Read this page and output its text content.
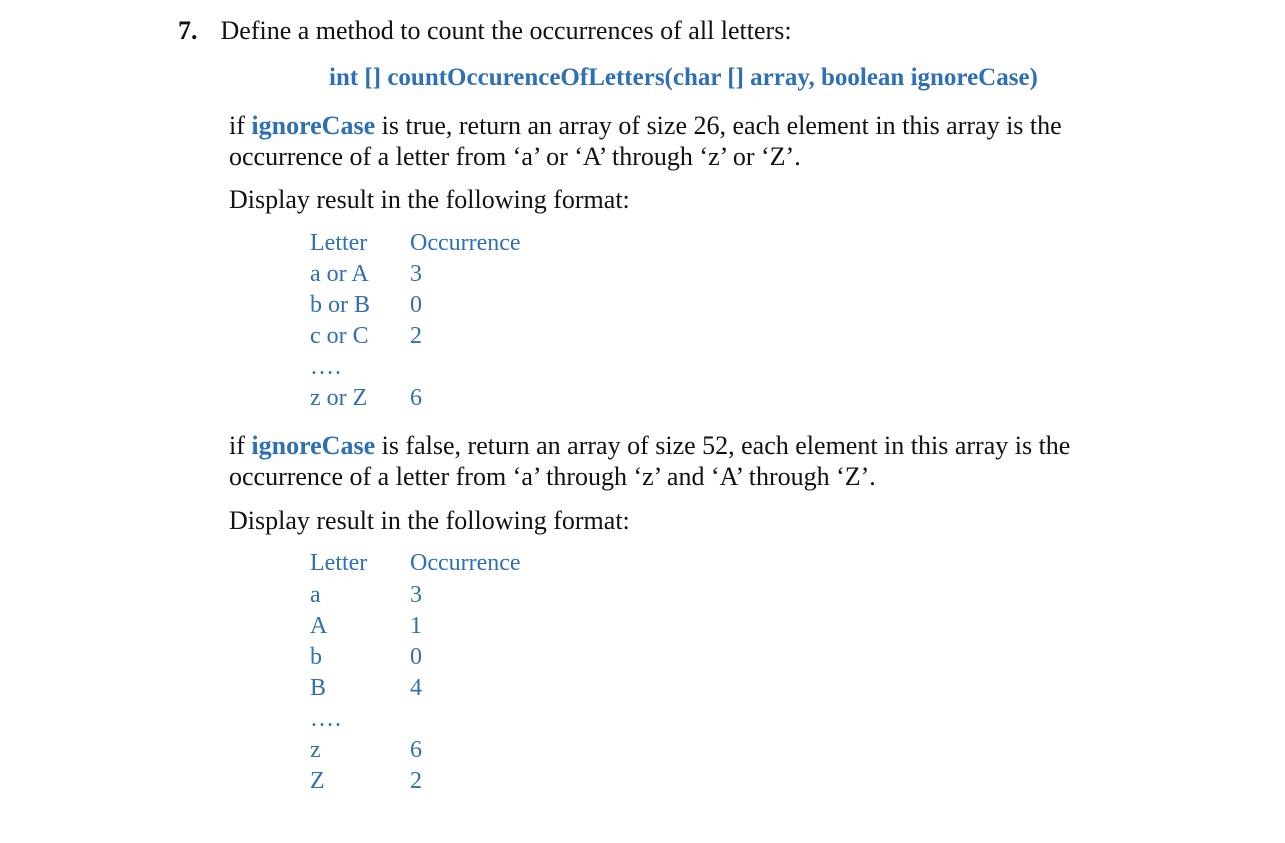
7. Define a method to count the occurrences of all letters:
int [] countOccurenceOfLetters(char [] array, boolean ignoreCase)
if ignoreCase is true, return an array of size 26, each element in this array is the
occurrence of a letter from ‘a’ or ‘A’ through ‘z’ or ‘Z’.
Display result in the following format:
Letter Occurrence
a or A 3
b or B 0
c or C 2
….
z or Z 6
if ignoreCase is false, return an array of size 52, each element in this array is the
occurrence of a letter from ‘a’ through ‘z’ and ‘A’ through ‘Z’.
Display result in the following format:
Letter Occurrence
a	3
A	1
b	0
B	4
….
z	6
Z	2
